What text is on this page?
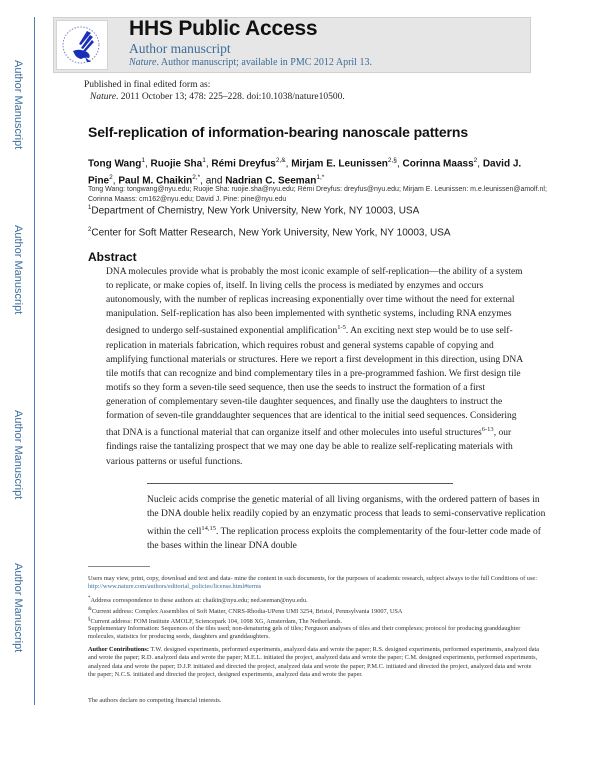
Author Manuscript
Author Manuscript
Author Manuscript
Author Manuscript
HHS Public Access
Author manuscript
Nature. Author manuscript; available in PMC 2012 April 13.
Published in final edited form as:
Nature. 2011 October 13; 478: 225–228. doi:10.1038/nature10500.
Self-replication of information-bearing nanoscale patterns
Tong Wang$^1$, Ruojie Sha$^1$, Rémi Dreyfus$^{2,\&}$, Mirjam E. Leunissen$^{2,\S}$, Corinna Maass$^2$, David J. Pine$^2$, Paul M. Chaikin$^{2,*}$, and Nadrian C. Seeman$^{1,*}$
Tong Wang: tongwang@nyu.edu; Ruojie Sha: ruojie.sha@nyu.edu; Rémi Dreyfus: dreyfus@nyu.edu; Mirjam E. Leunissen: m.e.leunissen@amolf.nl; Corinna Maass: cm162@nyu.edu; David J. Pine: pine@nyu.edu
$^1$Department of Chemistry, New York University, New York, NY 10003, USA
$^2$Center for Soft Matter Research, New York University, New York, NY 10003, USA
Abstract
DNA molecules provide what is probably the most iconic example of self-replication—the ability of a system to replicate, or make copies of, itself. In living cells the process is mediated by enzymes and occurs autonomously, with the number of replicas increasing exponentially over time without the need for external manipulation. Self-replication has also been implemented with synthetic systems, including RNA enzymes designed to undergo self-sustained exponential amplification$^{1-5}$. An exciting next step would be to use self-replication in materials fabrication, which requires robust and general systems capable of copying and amplifying functional materials or structures. Here we report a first development in this direction, using DNA tile motifs that can recognize and bind complementary tiles in a pre-programmed fashion. We first design tile motifs so they form a seven-tile seed sequence, then use the seeds to instruct the formation of a first generation of complementary seven-tile daughter sequences, and finally use the daughters to instruct the formation of seven-tile granddaughter sequences that are identical to the initial seed sequences. Considering that DNA is a functional material that can organize itself and other molecules into useful structures$^{6-13}$, our findings raise the tantalizing prospect that we may one day be able to realize self-replicating materials with various patterns or useful functions.
Nucleic acids comprise the genetic material of all living organisms, with the ordered pattern of bases in the DNA double helix readily copied by an enzymatic process that leads to semi-conservative replication within the cell$^{14,15}$. The replication process exploits the complementarity of the four-letter code made of the bases within the linear DNA double
Users may view, print, copy, download and text and data- mine the content in such documents, for the purposes of academic research, subject always to the full Conditions of use: http://www.nature.com/authors/editorial_policies/license.html#terms
*Address correspondence to these authors at: chaikin@nyu.edu; ned.seeman@nyu.edu.
&Current address: Complex Assemblies of Soft Matter, CNRS-Rhodia-UPenn UMI 3254, Bristol, Pennsylvania 19007, USA
§Current address: FOM Institute AMOLF, Sciencepark 104, 1098 XG, Amsterdam, The Netherlands.
Supplementary Information: Sequences of the tiles used; non-denaturing gels of tiles; Ferguson analyses of tiles and their complexes; protocol for producing granddaughter molecules, statistics for producing seeds, daughters and granddaughters.
Author Contributions: T.W. designed experiments, performed experiments, analyzed data and wrote the paper; R.S. designed experiments, performed experiments, analyzed data and wrote the paper; R.D. analyzed data and wrote the paper; M.E.L. initiated the project, analyzed data and wrote the paper; C.M. designed experiments, performed experiments, analyzed data and wrote the paper; D.J.P. initiated and directed the project, analyzed data and wrote the paper; P.M.C. initiated and directed the project, analyzed data and wrote the paper; N.C.S. initiated and directed the project, designed experiments, analyzed data and wrote the paper.
The authors declare no competing financial interests.
